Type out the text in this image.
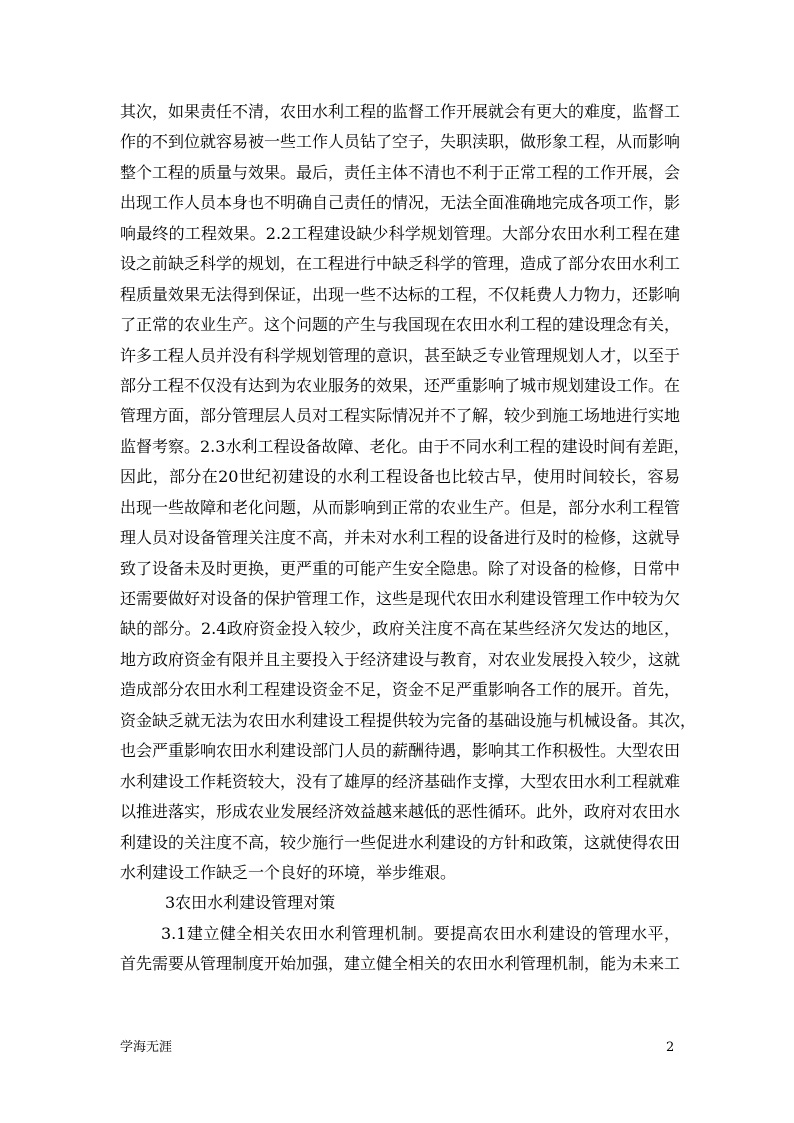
其次，如果责任不清，农田水利工程的监督工作开展就会有更大的难度，监督工
作的不到位就容易被一些工作人员钻了空子，失职渎职，做形象工程，从而影响
整个工程的质量与效果。最后，责任主体不清也不利于正常工程的工作开展，会
出现工作人员本身也不明确自己责任的情况，无法全面准确地完成各项工作，影
响最终的工程效果。2.2工程建设缺少科学规划管理。大部分农田水利工程在建
设之前缺乏科学的规划，在工程进行中缺乏科学的管理，造成了部分农田水利工
程质量效果无法得到保证，出现一些不达标的工程，不仅耗费人力物力，还影响
了正常的农业生产。这个问题的产生与我国现在农田水利工程的建设理念有关，
许多工程人员并没有科学规划管理的意识，甚至缺乏专业管理规划人才，以至于
部分工程不仅没有达到为农业服务的效果，还严重影响了城市规划建设工作。在
管理方面，部分管理层人员对工程实际情况并不了解，较少到施工场地进行实地
监督考察。2.3水利工程设备故障、老化。由于不同水利工程的建设时间有差距，
因此，部分在20世纪初建设的水利工程设备也比较古早，使用时间较长，容易
出现一些故障和老化问题，从而影响到正常的农业生产。但是，部分水利工程管
理人员对设备管理关注度不高，并未对水利工程的设备进行及时的检修，这就导
致了设备未及时更换，更严重的可能产生安全隐患。除了对设备的检修，日常中
还需要做好对设备的保护管理工作，这些是现代农田水利建设管理工作中较为欠
缺的部分。2.4政府资金投入较少，政府关注度不高在某些经济欠发达的地区，
地方政府资金有限并且主要投入于经济建设与教育，对农业发展投入较少，这就
造成部分农田水利工程建设资金不足，资金不足严重影响各工作的展开。首先，
资金缺乏就无法为农田水利建设工程提供较为完备的基础设施与机械设备。其次，
也会严重影响农田水利建设部门人员的薪酬待遇，影响其工作积极性。大型农田
水利建设工作耗资较大，没有了雄厚的经济基础作支撑，大型农田水利工程就难
以推进落实，形成农业发展经济效益越来越低的恶性循环。此外，政府对农田水
利建设的关注度不高，较少施行一些促进水利建设的方针和政策，这就使得农田
水利建设工作缺乏一个良好的环境，举步维艰。
3农田水利建设管理对策
3.1建立健全相关农田水利管理机制。要提高农田水利建设的管理水平，
首先需要从管理制度开始加强，建立健全相关的农田水利管理机制，能为未来工
学海无涯	2
